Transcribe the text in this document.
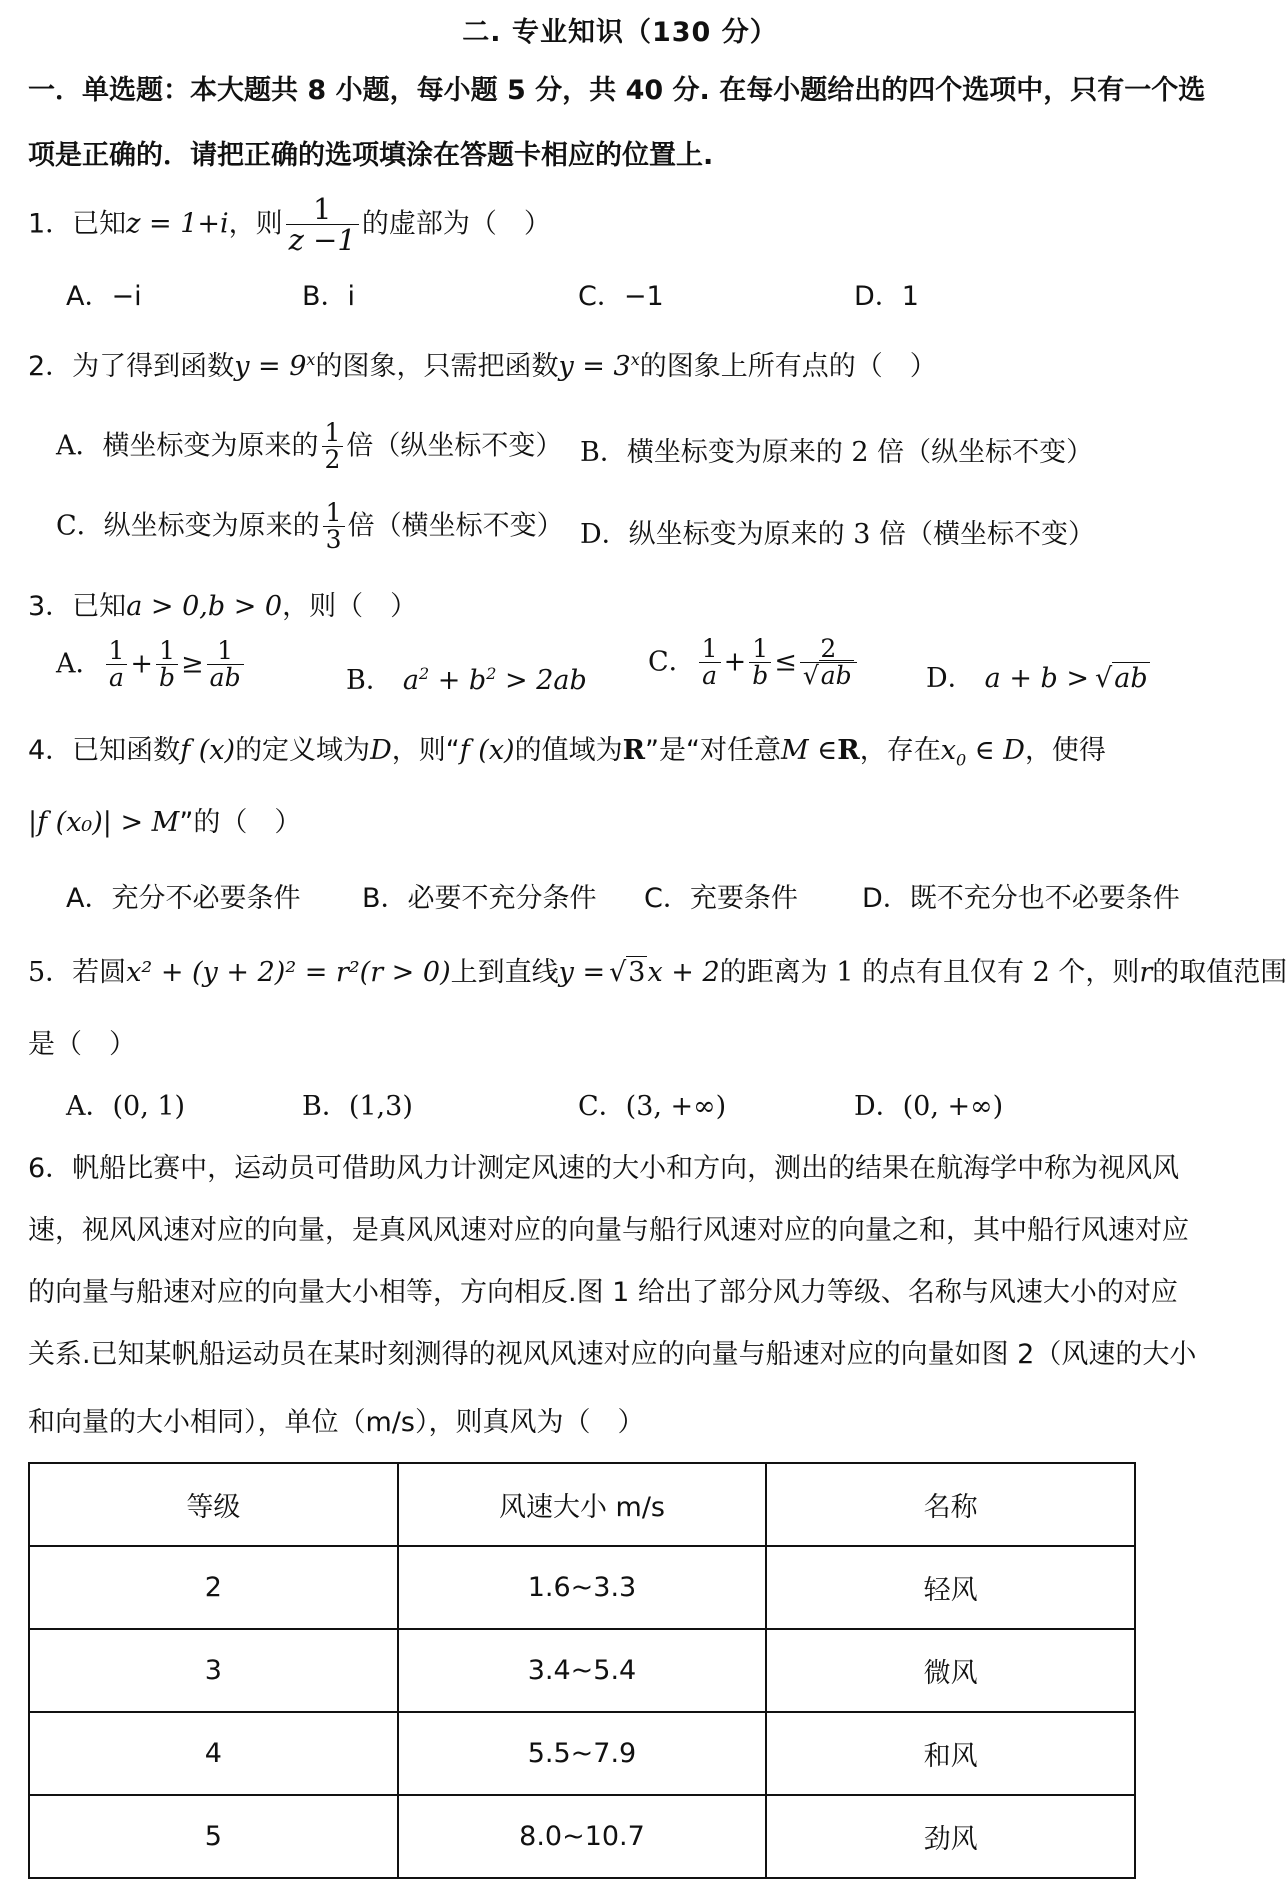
二. 专业知识（130 分）
一．单选题：本大题共 8 小题，每小题 5 分，共 40 分. 在每小题给出的四个选项中，只有一个选
项是正确的．请把正确的选项填涂在答题卡相应的位置上.
1．已知z = 1+i，则 $\frac{1}{z -1}$ 的虚部为（　）
A．−i	B．i	C．−1	D．1
2．为了得到函数$y = 9^x$的图象，只需把函数$y = 3^x$的图象上所有点的（　）
A．横坐标变为原来的 $\frac{1}{2}$ 倍（纵坐标不变） B．横坐标变为原来的 2 倍（纵坐标不变）
C．纵坐标变为原来的 $\frac{1}{3}$ 倍（横坐标不变） D．纵坐标变为原来的 3 倍（横坐标不变）
3．已知a > 0,b > 0，则（　）
A． $\frac{1}{a} + \frac{1}{b} \ge \frac{1}{ab}$	B． $a^2 + b^2 > 2ab$
C． $\frac{1}{a} + \frac{1}{b} \le \frac{2}{√ab}$	D． a + b > √ab
4．已知函数f (x)的定义域为D，则“f (x)的值域为R”是“对任意M ∈R，存在$x_0$ ∈ D，使得
|f (x₀)| > M”的（　）
A．充分不必要条件 B．必要不充分条件 C．充要条件 D．既不充分也不必要条件
5．若圆x² + (y + 2)² = r²(r > 0)上到直线y = √3x + 2的距离为 1 的点有且仅有 2 个，则r的取值范围
是（　）
A．(0, 1)	B．(1,3)	C．(3, +∞)	D．(0, +∞)
6．帆船比赛中，运动员可借助风力计测定风速的大小和方向，测出的结果在航海学中称为视风风
速，视风风速对应的向量，是真风风速对应的向量与船行风速对应的向量之和，其中船行风速对应
的向量与船速对应的向量大小相等，方向相反.图 1 给出了部分风力等级、名称与风速大小的对应
关系.已知某帆船运动员在某时刻测得的视风风速对应的向量与船速对应的向量如图 2（风速的大小
和向量的大小相同），单位（m/s），则真风为（　）
等级	风速大小 m/s	名称
2	1.6~3.3	轻风
3	3.4~5.4	微风
4	5.5~7.9	和风
5	8.0~10.7	劲风
